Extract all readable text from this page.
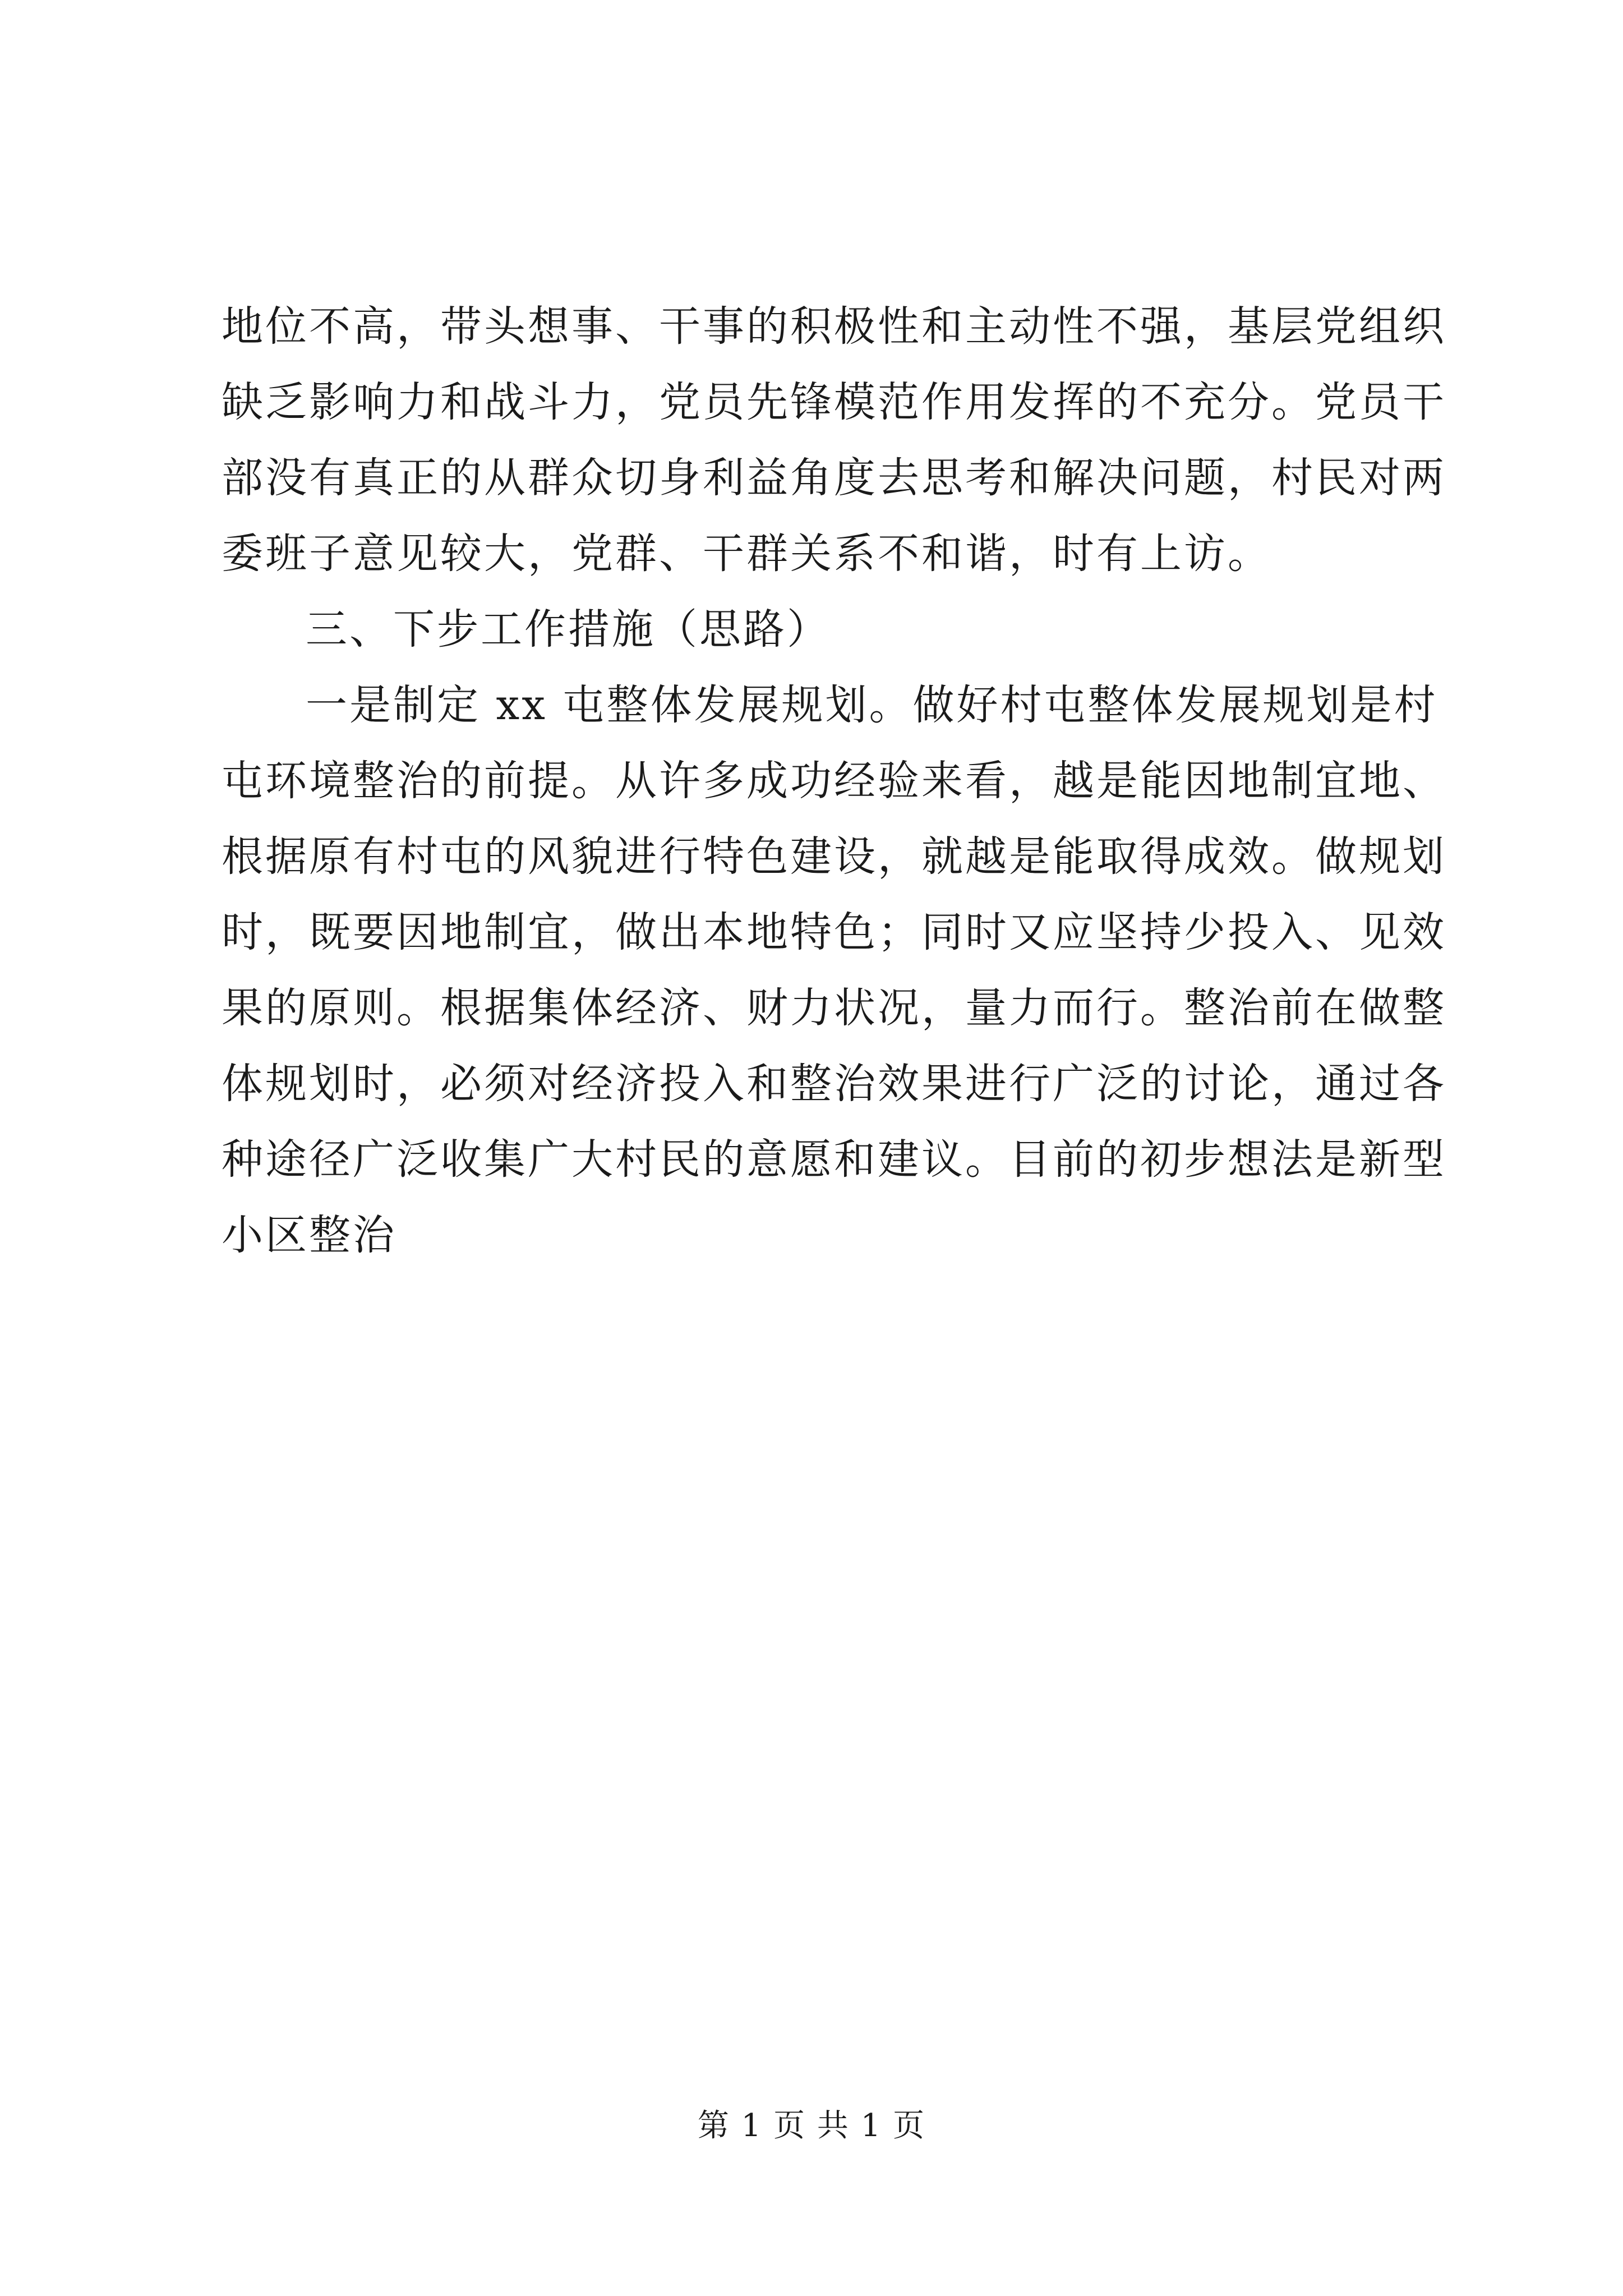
地位不高，带头想事、干事的积极性和主动性不强，基层党组织
缺乏影响力和战斗力，党员先锋模范作用发挥的不充分。党员干
部没有真正的从群众切身利益角度去思考和解决问题，村民对两
委班子意见较大，党群、干群关系不和谐，时有上访。
三、下步工作措施（思路）
一是制定 xx 屯整体发展规划。做好村屯整体发展规划是村
屯环境整治的前提。从许多成功经验来看，越是能因地制宜地、
根据原有村屯的风貌进行特色建设，就越是能取得成效。做规划
时，既要因地制宜，做出本地特色；同时又应坚持少投入、见效
果的原则。根据集体经济、财力状况，量力而行。整治前在做整
体规划时，必须对经济投入和整治效果进行广泛的讨论，通过各
种途径广泛收集广大村民的意愿和建议。目前的初步想法是新型
小区整治
第 1 页 共 1 页
